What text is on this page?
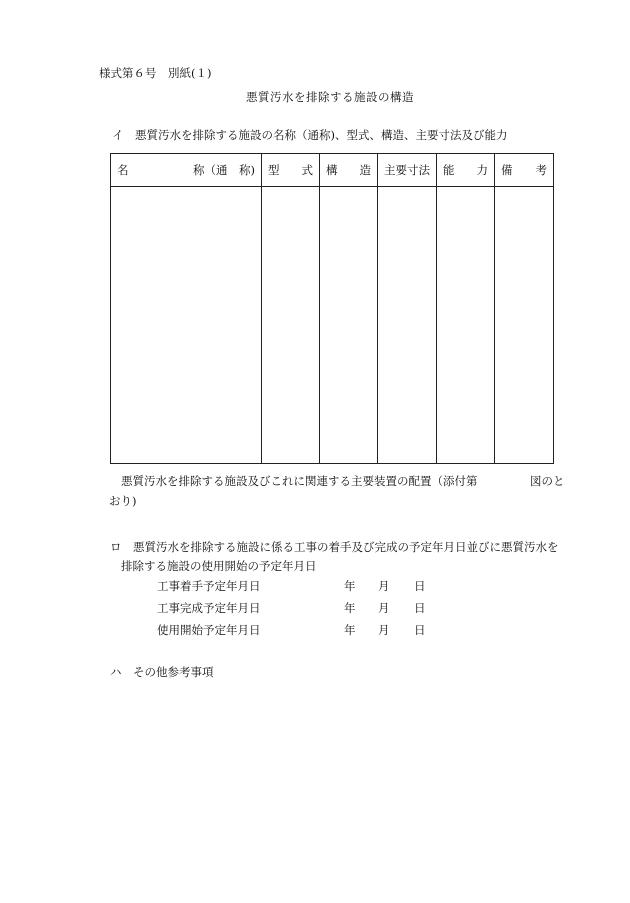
様式第６号　別紙(１)
悪質汚水を排除する施設の構造
イ　悪質汚水を排除する施設の名称（通称)、型式、構造、主要寸法及び能力
名 称（通　称)	型 式	構 造	主要寸法	能 力	備 考

悪質汚水を排除する施設及びこれに関連する主要装置の配置（添付第	図のと
おり)
ロ　悪質汚水を排除する施設に係る工事の着手及び完成の予定年月日並びに悪質汚水を
排除する施設の使用開始の予定年月日
工事着手予定年月日	年 月 日
工事完成予定年月日	年 月 日
使用開始予定年月日	年 月 日
ハ　その他参考事項
